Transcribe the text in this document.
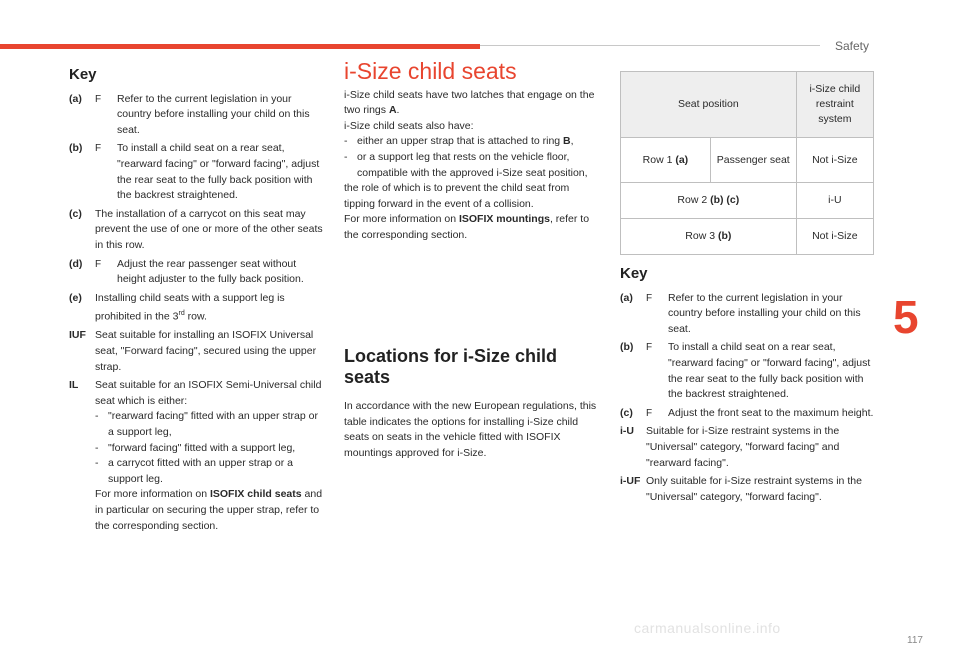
Safety
5
Key
(a) F Refer to the current legislation in your country before installing your child on this seat.
(b) F To install a child seat on a rear seat, "rearward facing" or "forward facing", adjust the rear seat to the fully back position with the backrest straightened.
(c) The installation of a carrycot on this seat may prevent the use of one or more of the other seats in this row.
(d) F Adjust the rear passenger seat without height adjuster to the fully back position.
(e) Installing child seats with a support leg is prohibited in the 3rd row.
IUF Seat suitable for installing an ISOFIX Universal seat, "Forward facing", secured using the upper strap.
IL Seat suitable for an ISOFIX Semi-Universal child seat which is either:
- "rearward facing" fitted with an upper strap or a support leg,
- "forward facing" fitted with a support leg,
- a carrycot fitted with an upper strap or a support leg.

For more information on ISOFIX child seats and in particular on securing the upper strap, refer to the corresponding section.

i-Size child seats

i-Size child seats have two latches that engage on the two rings A.

i-Size child seats also have:

- either an upper strap that is attached to ring B,
- or a support leg that rests on the vehicle floor, compatible with the approved i-Size seat position,

the role of which is to prevent the child seat from tipping forward in the event of a collision.

For more information on ISOFIX mountings, refer to the corresponding section.

Locations for i-Size child seats

In accordance with the new European regulations, this table indicates the options for installing i-Size child seats on seats in the vehicle fitted with ISOFIX mountings approved for i-Size.

Seat position		i-Size child restraint system
Row 1 (a)	Passenger seat	Not i-Size
Row 2 (b) (c)		i-U
Row 3 (b)		Not i-Size
Key
(a) F Refer to the current legislation in your country before installing your child on this seat.
(b) F To install a child seat on a rear seat, "rearward facing" or "forward facing", adjust the rear seat to the fully back position with the backrest straightened.
(c) F Adjust the front seat to the maximum height.
i-U Suitable for i-Size restraint systems in the "Universal" category, "forward facing" and "rearward facing".
i-UF Only suitable for i-Size restraint systems in the "Universal" category, "forward facing".
carmanualsonline.info
117
